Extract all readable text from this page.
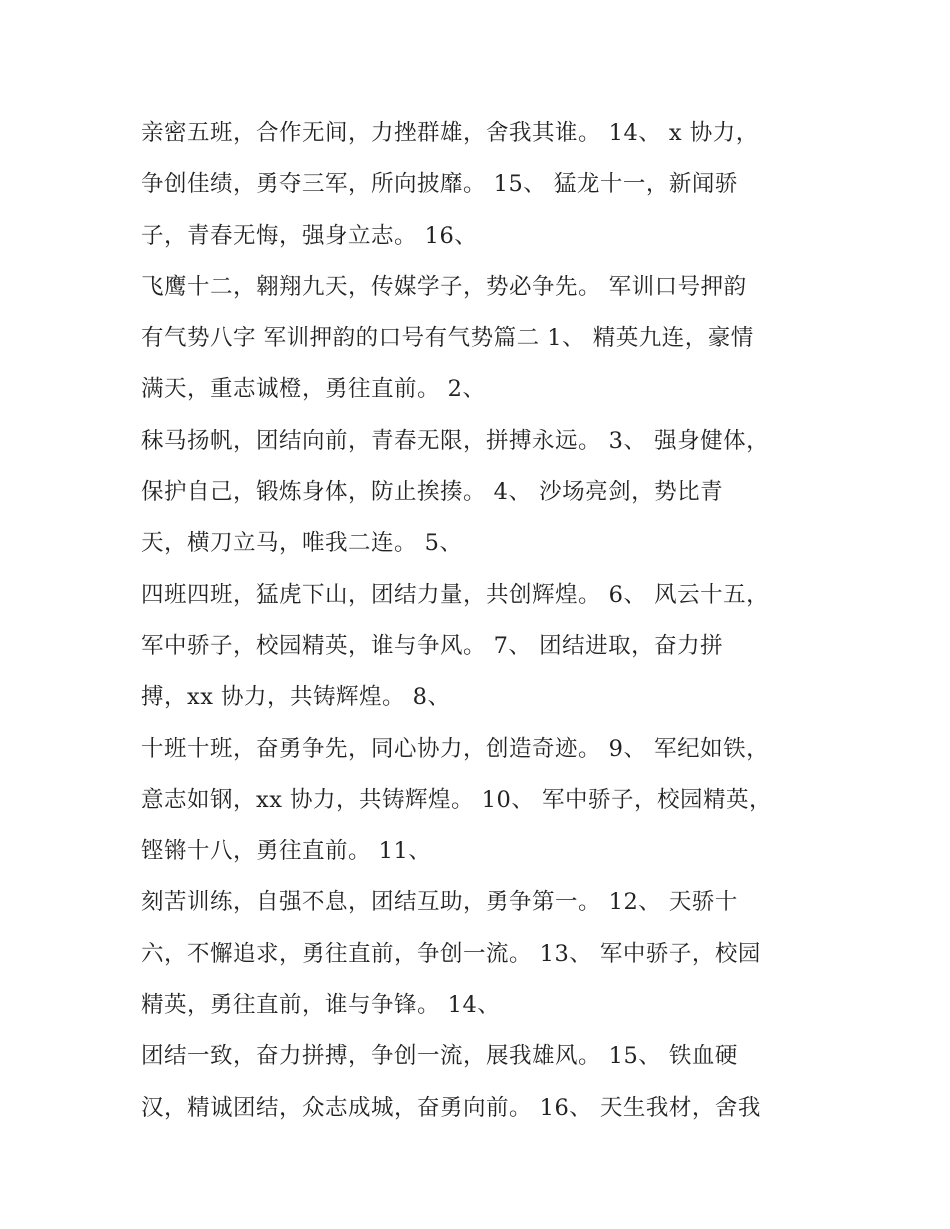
亲密五班，合作无间，力挫群雄，舍我其谁。 14、 x 协力，
争创佳绩，勇夺三军，所向披靡。 15、 猛龙十一，新闻骄
子，青春无悔，强身立志。 16、
飞鹰十二，翱翔九天，传媒学子，势必争先。 军训口号押韵
有气势八字 军训押韵的口号有气势篇二 1、 精英九连，豪情
满天，重志诚橙，勇往直前。 2、
秣马扬帆，团结向前，青春无限，拼搏永远。 3、 强身健体，
保护自己，锻炼身体，防止挨揍。 4、 沙场亮剑，势比青
天，横刀立马，唯我二连。 5、
四班四班，猛虎下山，团结力量，共创辉煌。 6、 风云十五，
军中骄子，校园精英，谁与争风。 7、 团结进取，奋力拼
搏，xx 协力，共铸辉煌。 8、
十班十班，奋勇争先，同心协力，创造奇迹。 9、 军纪如铁，
意志如钢，xx 协力，共铸辉煌。 10、 军中骄子，校园精英，
铿锵十八，勇往直前。 11、
刻苦训练，自强不息，团结互助，勇争第一。 12、 天骄十
六，不懈追求，勇往直前，争创一流。 13、 军中骄子，校园
精英，勇往直前，谁与争锋。 14、
团结一致，奋力拼搏，争创一流，展我雄风。 15、 铁血硬
汉，精诚团结，众志成城，奋勇向前。 16、 天生我材，舍我
